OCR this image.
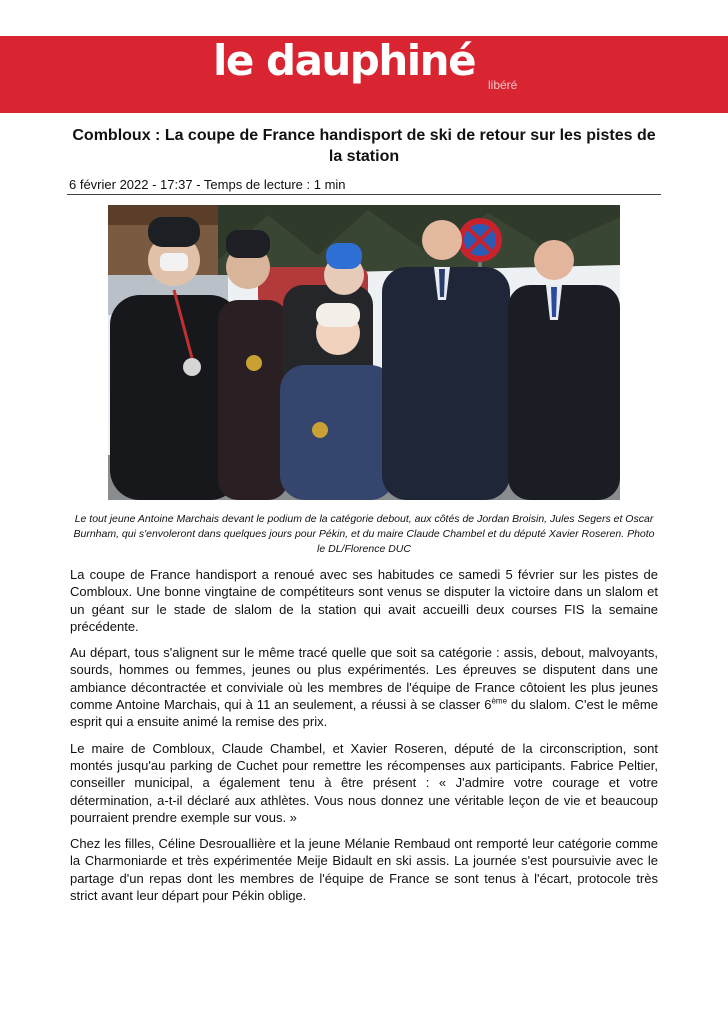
le dauphiné libéré
Combloux : La coupe de France handisport de ski de retour sur les pistes de la station
6 février 2022 - 17:37 - Temps de lecture : 1 min
Le tout jeune Antoine Marchais devant le podium de la catégorie debout, aux côtés de Jordan Broisin, Jules Segers et Oscar Burnham, qui s'envoleront dans quelques jours pour Pékin, et du maire Claude Chambel et du député Xavier Roseren. Photo le DL/Florence DUC

La coupe de France handisport a renoué avec ses habitudes ce samedi 5 février sur les pistes de Combloux. Une bonne vingtaine de compétiteurs sont venus se disputer la victoire dans un slalom et un géant sur le stade de slalom de la station qui avait accueilli deux courses FIS la semaine précédente.

Au départ, tous s'alignent sur le même tracé quelle que soit sa catégorie : assis, debout, malvoyants, sourds, hommes ou femmes, jeunes ou plus expérimentés. Les épreuves se disputent dans une ambiance décontractée et conviviale où les membres de l'équipe de France côtoient les plus jeunes comme Antoine Marchais, qui à 11 an seulement, a réussi à se classer 6ème du slalom. C'est le même esprit qui a ensuite animé la remise des prix.

Le maire de Combloux, Claude Chambel, et Xavier Roseren, député de la circonscription, sont montés jusqu'au parking de Cuchet pour remettre les récompenses aux participants. Fabrice Peltier, conseiller municipal, a également tenu à être présent : « J'admire votre courage et votre détermination, a-t-il déclaré aux athlètes. Vous nous donnez une véritable leçon de vie et beaucoup pourraient prendre exemple sur vous. »

Chez les filles, Céline Desrouallière et la jeune Mélanie Rembaud ont remporté leur catégorie comme la Charmoniarde et très expérimentée Meije Bidault en ski assis. La journée s'est poursuivie avec le partage d'un repas dont les membres de l'équipe de France se sont tenus à l'écart, protocole très strict avant leur départ pour Pékin oblige.
